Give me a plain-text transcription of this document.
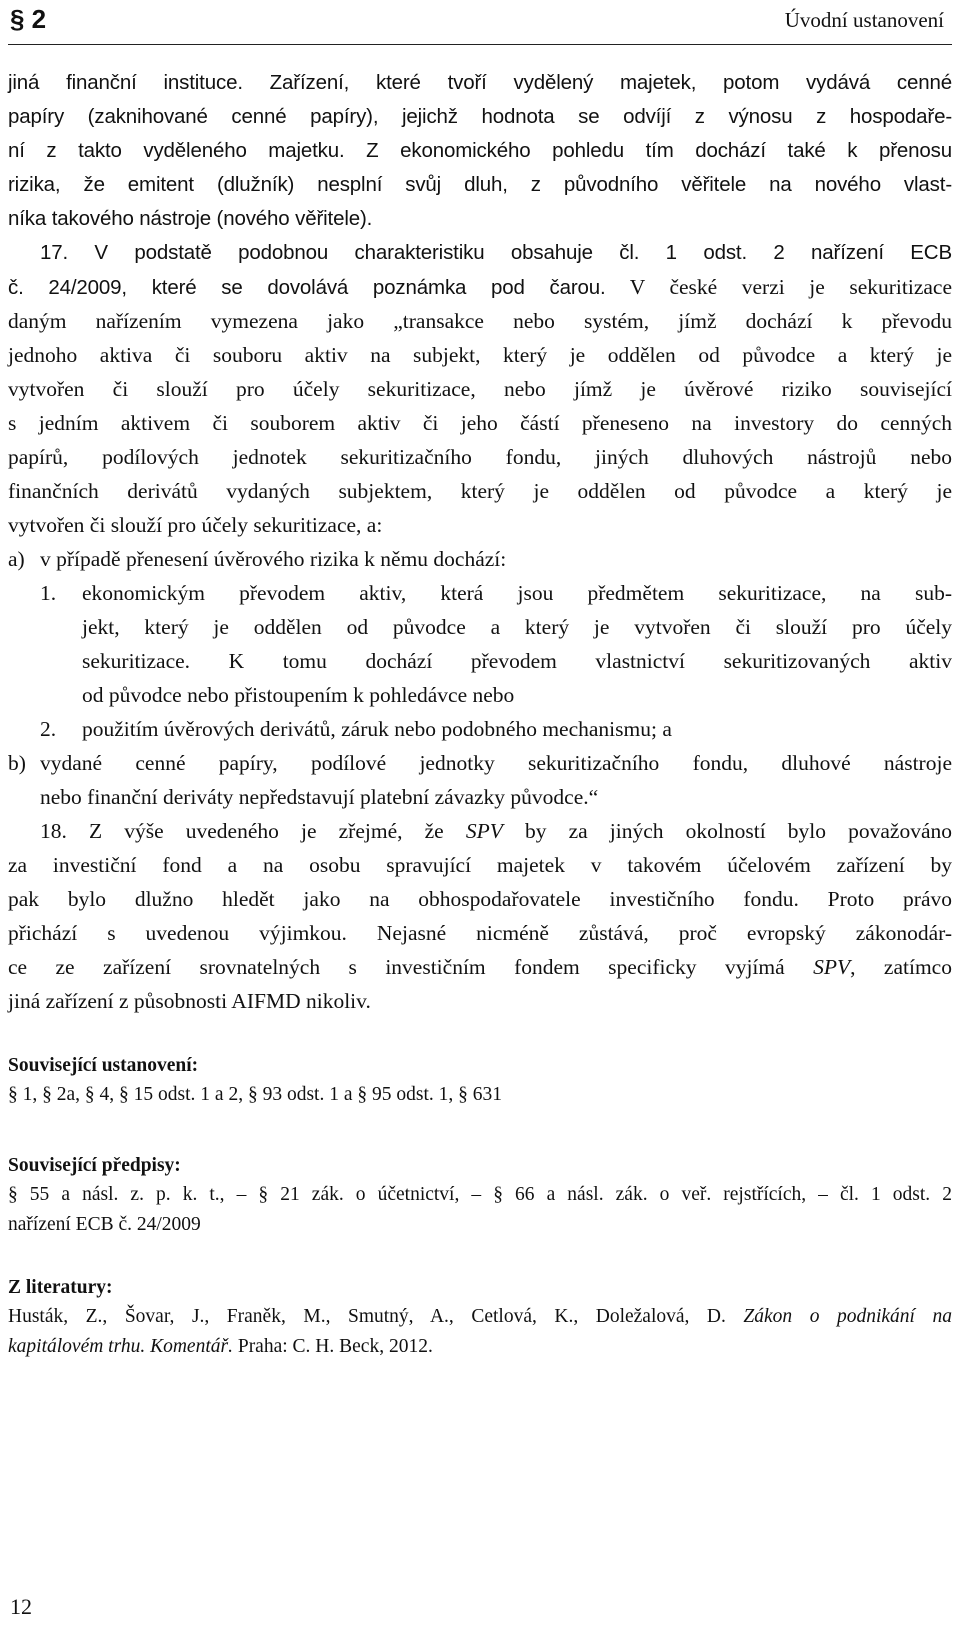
§ 2	Úvodní ustanovení
jiná finanční instituce. Zařízení, které tvoří vydělený majetek, potom vydává cenné
papíry (zaknihované cenné papíry), jejichž hodnota se odvíjí z výnosu z hospodaře-
ní z takto vyděleného majetku. Z ekonomického pohledu tím dochází také k přenosu
rizika, že emitent (dlužník) nesplní svůj dluh, z původního věřitele na nového vlast-
níka takového nástroje (nového věřitele).
17. V podstatě podobnou charakteristiku obsahuje čl. 1 odst. 2 nařízení ECB
č. 24/2009, které se dovolává poznámka pod čarou. V české verzi je sekuritizace
daným nařízením vymezena jako „transakce nebo systém, jímž dochází k převodu
jednoho aktiva či souboru aktiv na subjekt, který je oddělen od původce a který je
vytvořen či slouží pro účely sekuritizace, nebo jímž je úvěrové riziko související
s jedním aktivem či souborem aktiv či jeho částí přeneseno na investory do cenných
papírů, podílových jednotek sekuritizačního fondu, jiných dluhových nástrojů nebo
finančních derivátů vydaných subjektem, který je oddělen od původce a který je
vytvořen či slouží pro účely sekuritizace, a:
a) v případě přenesení úvěrového rizika k němu dochází:
1. ekonomickým převodem aktiv, která jsou předmětem sekuritizace, na sub-
jekt, který je oddělen od původce a který je vytvořen či slouží pro účely
sekuritizace. K tomu dochází převodem vlastnictví sekuritizovaných aktiv
od původce nebo přistoupením k pohledávce nebo
2. použitím úvěrových derivátů, záruk nebo podobného mechanismu; a
b) vydané cenné papíry, podílové jednotky sekuritizačního fondu, dluhové nástroje
nebo finanční deriváty nepředstavují platební závazky původce.“
18. Z výše uvedeného je zřejmé, že SPV by za jiných okolností bylo považováno
za investiční fond a na osobu spravující majetek v takovém účelovém zařízení by
pak bylo dlužno hledět jako na obhospodařovatele investičního fondu. Proto právo
přichází s uvedenou výjimkou. Nejasné nicméně zůstává, proč evropský zákonodár-
ce ze zařízení srovnatelných s investičním fondem specificky vyjímá SPV, zatímco
jiná zařízení z působnosti AIFMD nikoliv.
Související ustanovení:
§ 1, § 2a, § 4, § 15 odst. 1 a 2, § 93 odst. 1 a § 95 odst. 1, § 631
Související předpisy:
§ 55 a násl. z. p. k. t., – § 21 zák. o účetnictví, – § 66 a násl. zák. o veř. rejstřících, – čl. 1 odst. 2
nařízení ECB č. 24/2009
Z literatury:
Husták, Z., Šovar, J., Franěk, M., Smutný, A., Cetlová, K., Doležalová, D. Zákon o podnikání na
kapitálovém trhu. Komentář. Praha: C. H. Beck, 2012.
12
